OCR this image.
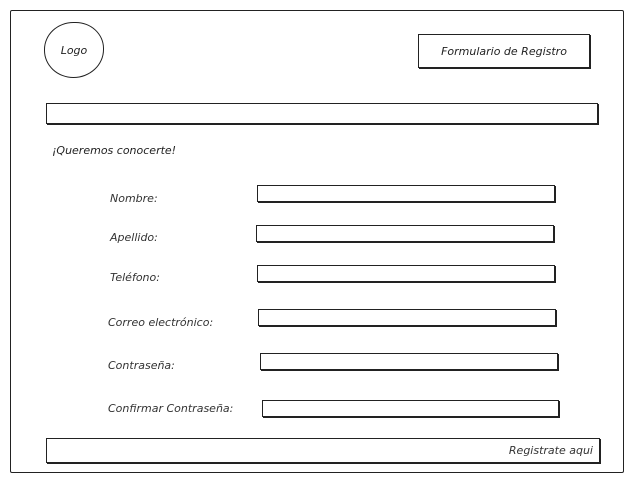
Logo	Formulario de Registro
¡Queremos conocerte!
Nombre:
Apellido:
Teléfono:
Correo electrónico:
Contraseña:
Confirmar Contraseña:
Registrate aqui
